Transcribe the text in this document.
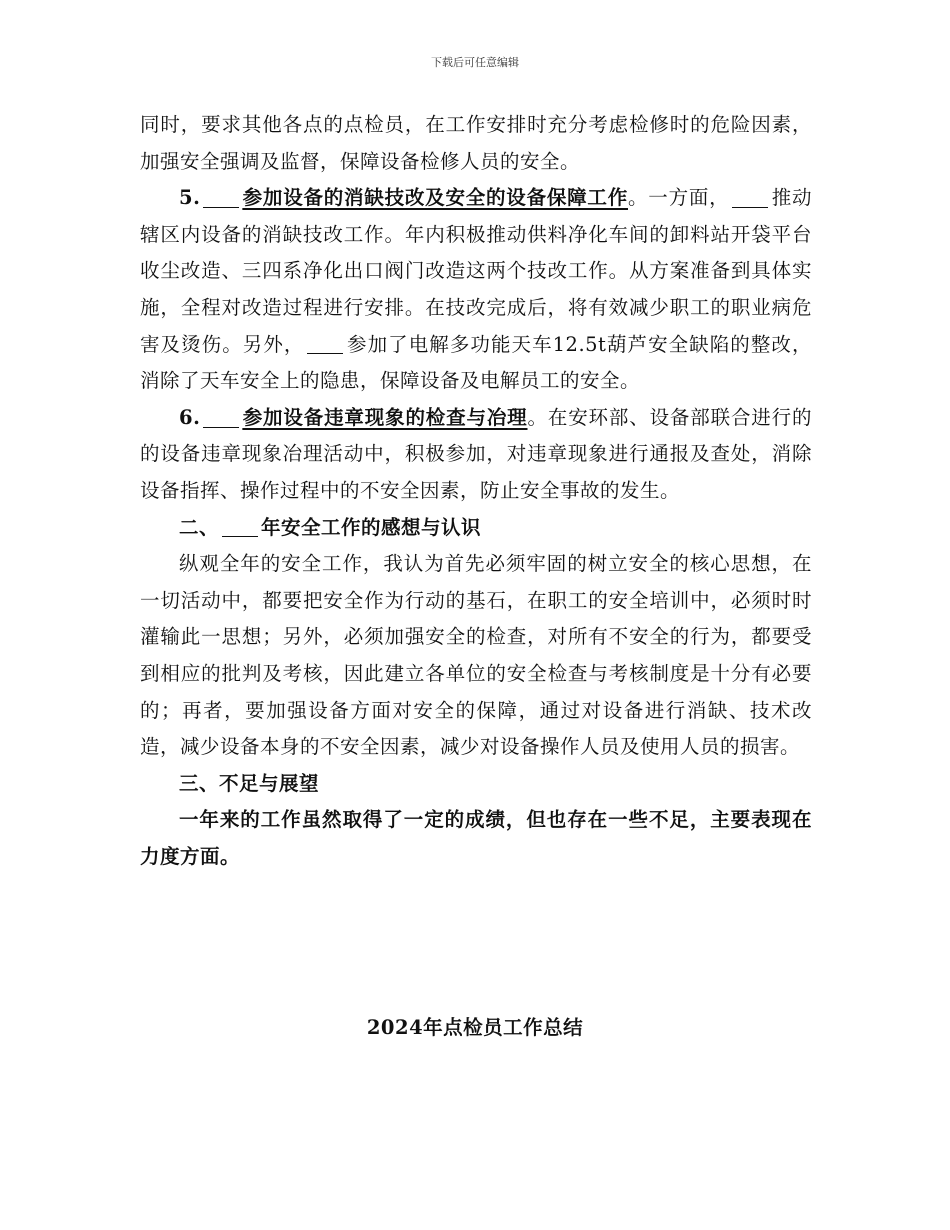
下载后可任意编辑

同时，要求其他各点的点检员，在工作安排时充分考虑检修时的危险因素，加强安全强调及监督，保障设备检修人员的安全。

5. 参加设备的消缺技改及安全的设备保障工作。一方面， 推动辖区内设备的消缺技改工作。年内积极推动供料净化车间的卸料站开袋平台收尘改造、三四系净化出口阀门改造这两个技改工作。从方案准备到具体实施，全程对改造过程进行安排。在技改完成后，将有效减少职工的职业病危害及烫伤。另外， 参加了电解多功能天车12.5t葫芦安全缺陷的整改，消除了天车安全上的隐患，保障设备及电解员工的安全。

6. 参加设备违章现象的检查与冶理。在安环部、设备部联合进行的的设备违章现象冶理活动中，积极参加，对违章现象进行通报及查处，消除设备指挥、操作过程中的不安全因素，防止安全事故的发生。

二、 年安全工作的感想与认识

纵观全年的安全工作，我认为首先必须牢固的树立安全的核心思想，在一切活动中，都要把安全作为行动的基石，在职工的安全培训中，必须时时灌输此一思想；另外，必须加强安全的检查，对所有不安全的行为，都要受到相应的批判及考核，因此建立各单位的安全检查与考核制度是十分有必要的；再者，要加强设备方面对安全的保障，通过对设备进行消缺、技术改造，减少设备本身的不安全因素，减少对设备操作人员及使用人员的损害。

三、不足与展望

一年来的工作虽然取得了一定的成绩，但也存在一些不足，主要表现在力度方面。

2024年点检员工作总结
